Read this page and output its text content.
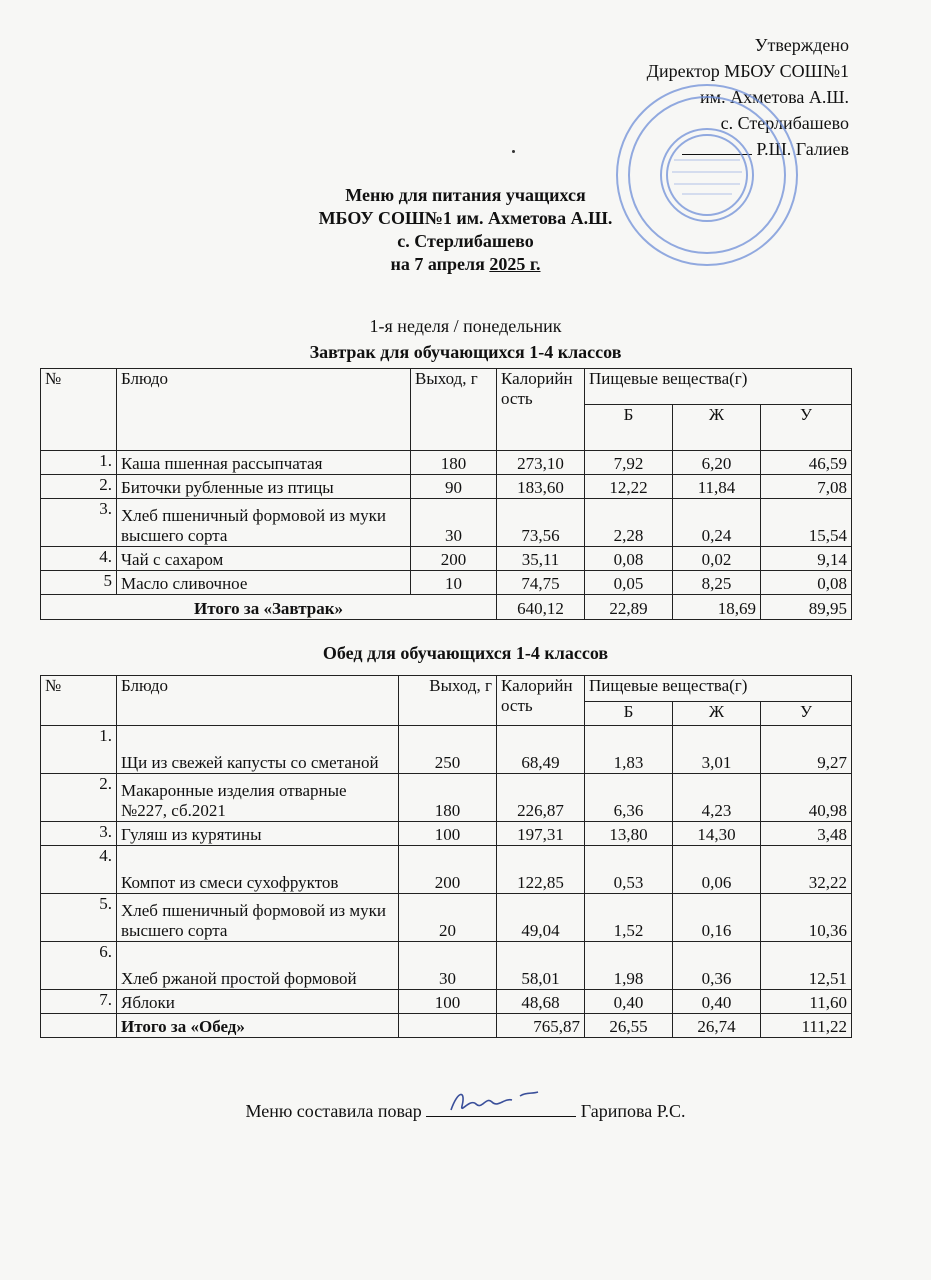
Утверждено
Директор МБОУ СОШ№1
им. Ахметова А.Ш.
с. Стерлибашево
Р.Ш. Галиев
Меню для питания учащихся
МБОУ СОШ№1 им. Ахметова А.Ш.
с. Стерлибашево
на 7 апреля 2025 г.
1-я неделя / понедельник
Завтрак для обучающихся 1-4 классов
№	Блюдо	Выход, г	Калорийность	Пищевые вещества(г)		
				Б	Ж	У
1.	Каша пшенная рассыпчатая	180	273,10	7,92	6,20	46,59
2.	Биточки рубленные из птицы	90	183,60	12,22	11,84	7,08
3.	Хлеб пшеничный формовой из муки высшего сорта	30	73,56	2,28	0,24	15,54
4.	Чай с сахаром	200	35,11	0,08	0,02	9,14
5	Масло сливочное	10	74,75	0,05	8,25	0,08
Итого за «Завтрак»			640,12	22,89	18,69	89,95
Обед для обучающихся 1-4 классов
№	Блюдо	Выход, г	Калорийность	Пищевые вещества(г)		
				Б	Ж	У
1.	Щи из свежей капусты со сметаной	250	68,49	1,83	3,01	9,27
2.	Макаронные изделия отварные №227, сб.2021	180	226,87	6,36	4,23	40,98
3.	Гуляш из курятины	100	197,31	13,80	14,30	3,48
4.	Компот из смеси сухофруктов	200	122,85	0,53	0,06	32,22
5.	Хлеб пшеничный формовой из муки высшего сорта	20	49,04	1,52	0,16	10,36
6.	Хлеб ржаной простой формовой	30	58,01	1,98	0,36	12,51
7.	Яблоки	100	48,68	0,40	0,40	11,60
	Итого за «Обед»		765,87	26,55	26,74	111,22
Меню составила повар	Гарипова Р.С.
